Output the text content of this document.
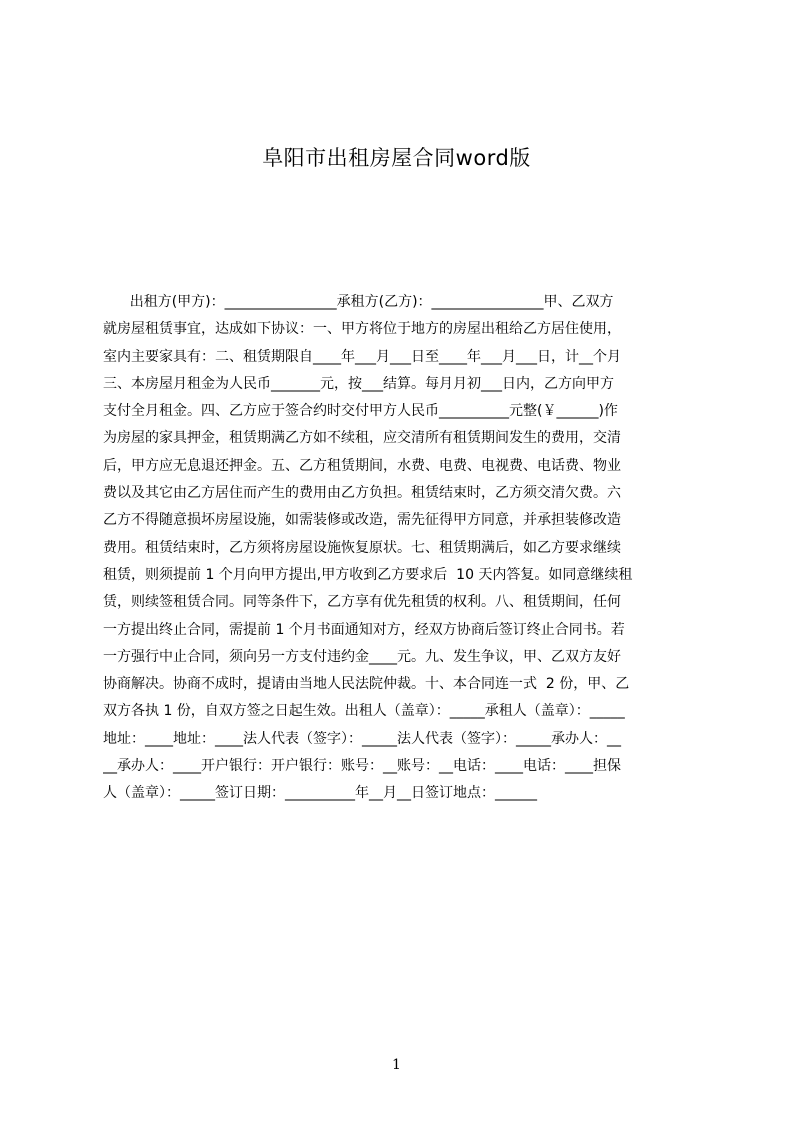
阜阳市出租房屋合同word版
出租方(甲方)：________________承租方(乙方)：________________甲、乙双方
就房屋租赁事宜，达成如下协议：一、甲方将位于地方的房屋出租给乙方居住使用，
室内主要家具有：二、租赁期限自____年___月___日至____年___月___日，计__个月
三、本房屋月租金为人民币_______元，按___结算。每月月初___日内，乙方向甲方
支付全月租金。四、乙方应于签合约时交付甲方人民币__________元整(￥______)作
为房屋的家具押金，租赁期满乙方如不续租，应交清所有租赁期间发生的费用，交清
后，甲方应无息退还押金。五、乙方租赁期间，水费、电费、电视费、电话费、物业
费以及其它由乙方居住而产生的费用由乙方负担。租赁结束时，乙方须交清欠费。六
乙方不得随意损坏房屋设施，如需装修或改造，需先征得甲方同意，并承担装修改造
费用。租赁结束时，乙方须将房屋设施恢复原状。七、租赁期满后，如乙方要求继续
租赁，则须提前 1 个月向甲方提出,甲方收到乙方要求后  10 天内答复。如同意继续租
赁，则续签租赁合同。同等条件下，乙方享有优先租赁的权利。八、租赁期间，任何
一方提出终止合同，需提前 1 个月书面通知对方，经双方协商后签订终止合同书。若
一方强行中止合同，须向另一方支付违约金____元。九、发生争议，甲、乙双方友好
协商解决。协商不成时，提请由当地人民法院仲裁。十、本合同连一式  2 份，甲、乙
双方各执 1 份，自双方签之日起生效。出租人（盖章）：_____承租人（盖章）：_____
地址：____地址：____法人代表（签字）：_____法人代表（签字）：_____承办人：__
__承办人：____开户银行：开户银行：账号：__账号：__电话：____电话：____担保
人（盖章）：_____签订日期：__________年__月__日签订地点：______
1
